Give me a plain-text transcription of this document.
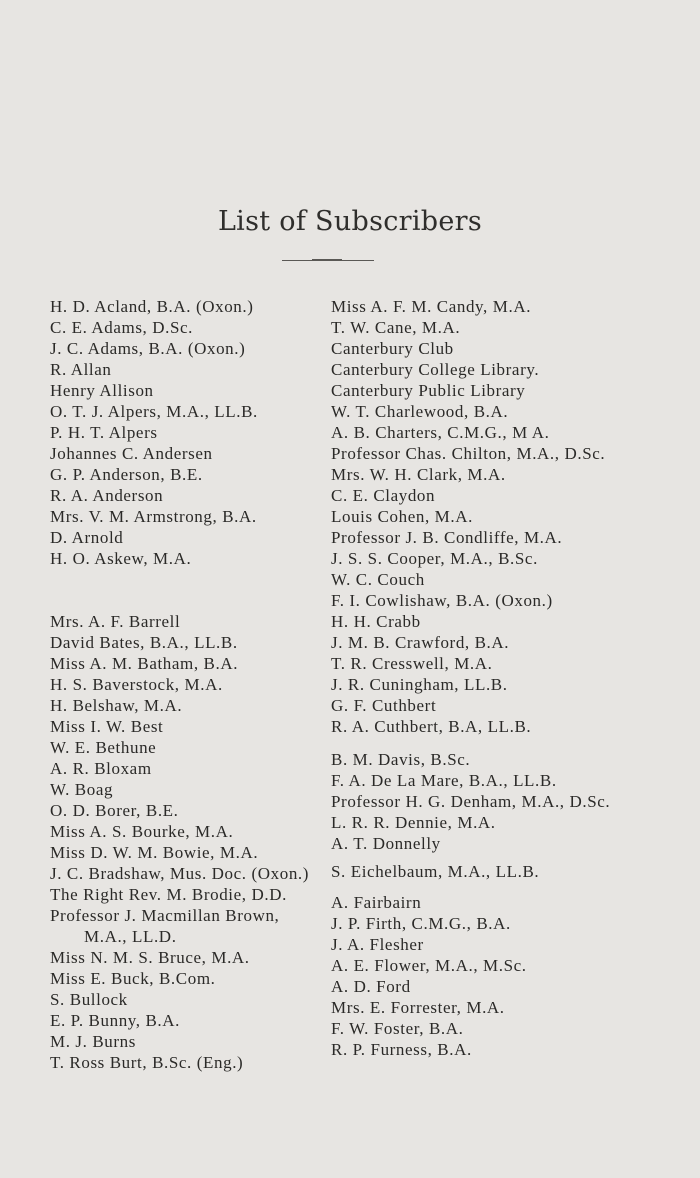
List of Subscribers
H. D. Acland, B.A. (Oxon.)
C. E. Adams, D.Sc.
J. C. Adams, B.A. (Oxon.)
R. Allan
Henry Allison
O. T. J. Alpers, M.A., LL.B.
P. H. T. Alpers
Johannes C. Andersen
G. P. Anderson, B.E.
R. A. Anderson
Mrs. V. M. Armstrong, B.A.
D. Arnold
H. O. Askew, M.A.
Mrs. A. F. Barrell
David Bates, B.A., LL.B.
Miss A. M. Batham, B.A.
H. S. Baverstock, M.A.
H. Belshaw, M.A.
Miss I. W. Best
W. E. Bethune
A. R. Bloxam
W. Boag
O. D. Borer, B.E.
Miss A. S. Bourke, M.A.
Miss D. W. M. Bowie, M.A.
J. C. Bradshaw, Mus. Doc. (Oxon.)
The Right Rev. M. Brodie, D.D.
Professor J. Macmillan Brown,
M.A., LL.D.
Miss N. M. S. Bruce, M.A.
Miss E. Buck, B.Com.
S. Bullock
E. P. Bunny, B.A.
M. J. Burns
T. Ross Burt, B.Sc. (Eng.)
Miss A. F. M. Candy, M.A.
T. W. Cane, M.A.
Canterbury Club
Canterbury College Library.
Canterbury Public Library
W. T. Charlewood, B.A.
A. B. Charters, C.M.G., M A.
Professor Chas. Chilton, M.A., D.Sc.
Mrs. W. H. Clark, M.A.
C. E. Claydon
Louis Cohen, M.A.
Professor J. B. Condliffe, M.A.
J. S. S. Cooper, M.A., B.Sc.
W. C. Couch
F. I. Cowlishaw, B.A. (Oxon.)
H. H. Crabb
J. M. B. Crawford, B.A.
T. R. Cresswell, M.A.
J. R. Cuningham, LL.B.
G. F. Cuthbert
R. A. Cuthbert, B.A, LL.B.
B. M. Davis, B.Sc.
F. A. De La Mare, B.A., LL.B.
Professor H. G. Denham, M.A., D.Sc.
L. R. R. Dennie, M.A.
A. T. Donnelly
S. Eichelbaum, M.A., LL.B.
A. Fairbairn
J. P. Firth, C.M.G., B.A.
J. A. Flesher
A. E. Flower, M.A., M.Sc.
A. D. Ford
Mrs. E. Forrester, M.A.
F. W. Foster, B.A.
R. P. Furness, B.A.
